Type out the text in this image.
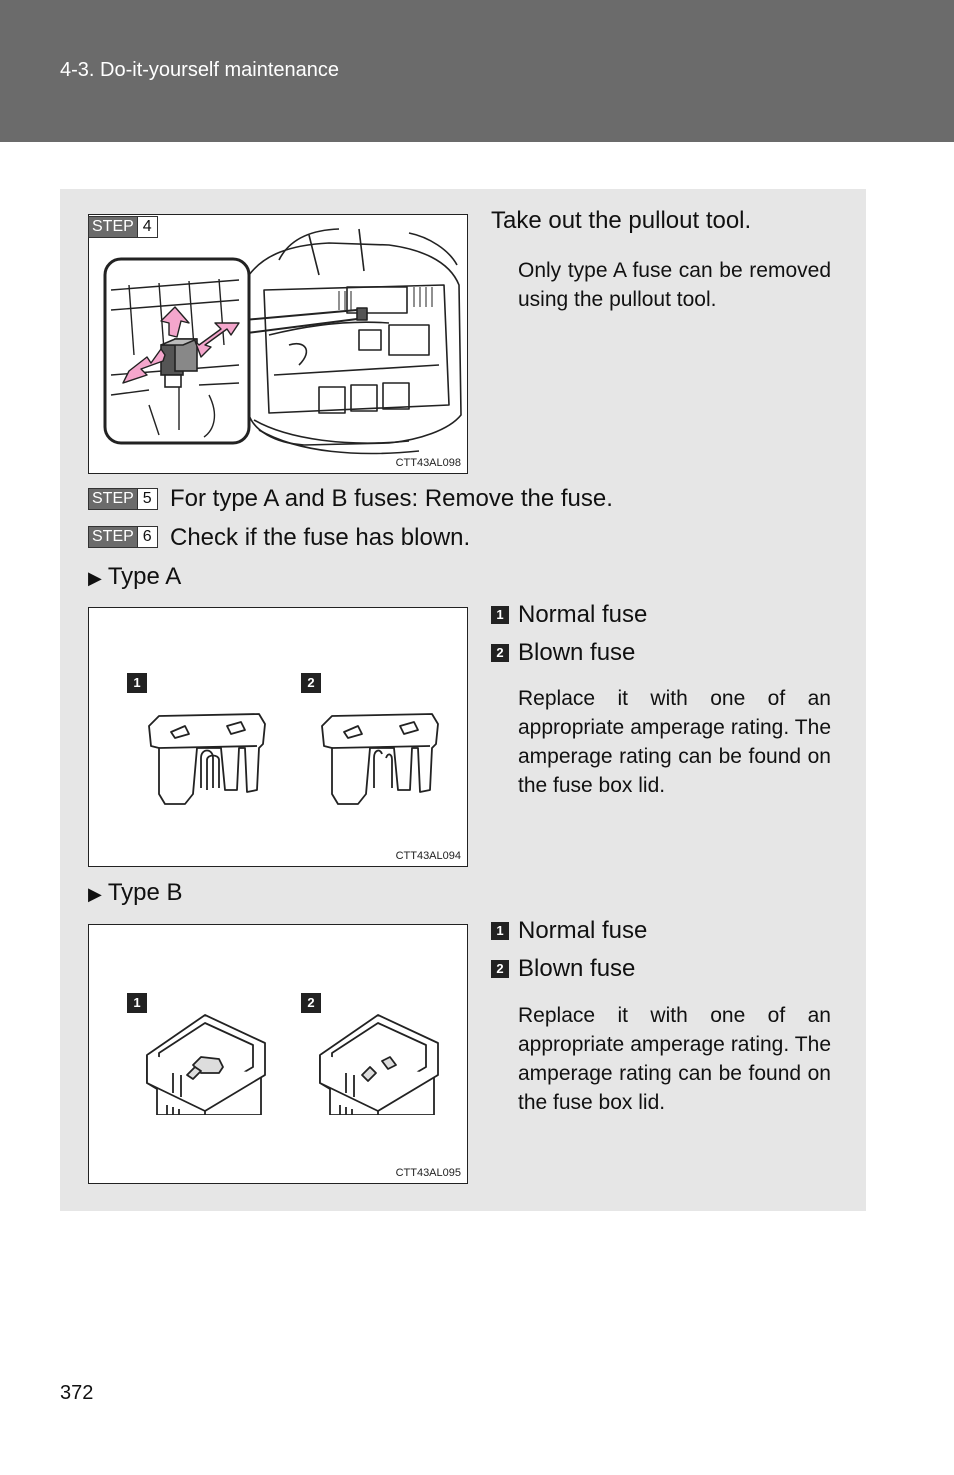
4-3. Do-it-yourself maintenance
CTT43AL098
STEP 4	Take out the pullout tool.
Only type A fuse can be removed using the pullout tool.
STEP 5 For type A and B fuses: Remove the fuse.
STEP 6 Check if the fuse has blown.
▶ Type A
1	2
CTT43AL094
1 Normal fuse
2 Blown fuse
Replace it with one of an appropriate amperage rating. The amperage rating can be found on the fuse box lid.
▶ Type B
1	2
CTT43AL095
1 Normal fuse
2 Blown fuse
Replace it with one of an appropriate amperage rating. The amperage rating can be found on the fuse box lid.
372
